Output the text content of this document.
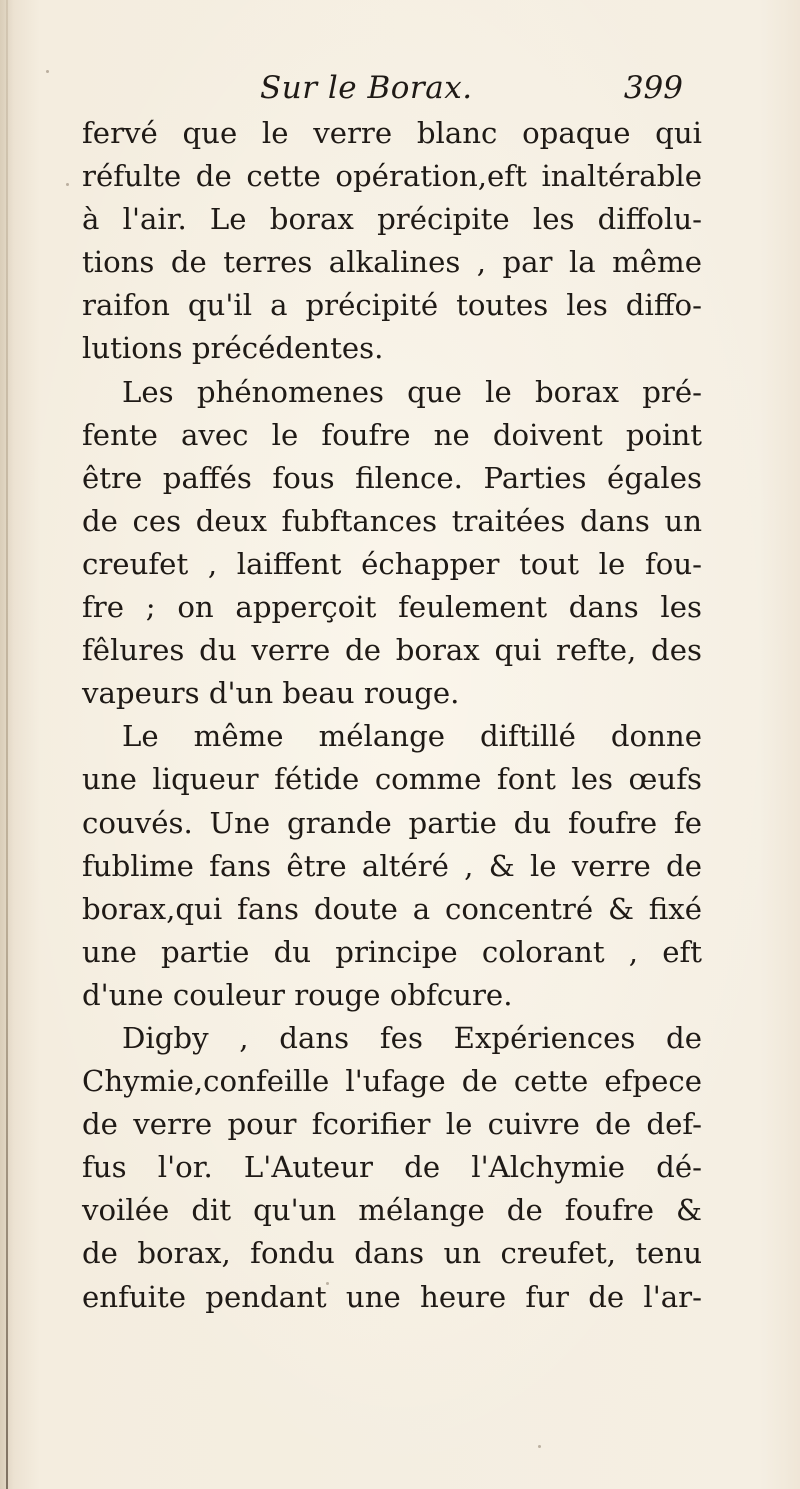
Sur le Borax.	399
fervé que le verre blanc opaque qui
réfulte de cette opération,eft inaltérable
à l'air. Le borax précipite les diffolu-
tions de terres alkalines , par la même
raifon qu'il a précipité toutes les diffo-
lutions précédentes.
Les phénomenes que le borax pré-
fente avec le foufre ne doivent point
être paffés fous filence. Parties égales
de ces deux fubftances traitées dans un
creufet , laiffent échapper tout le fou-
fre ; on apperçoit feulement dans les
fêlures du verre de borax qui refte, des
vapeurs d'un beau rouge.
Le même mélange diftillé donne
une liqueur fétide comme font les œufs
couvés. Une grande partie du foufre fe
fublime fans être altéré , & le verre de
borax,qui fans doute a concentré & fixé
une partie du principe colorant , eft
d'une couleur rouge obfcure.
Digby , dans fes Expériences de
Chymie,confeille l'ufage de cette efpece
de verre pour fcorifier le cuivre de def-
fus l'or. L'Auteur de l'Alchymie dé-
voilée dit qu'un mélange de foufre &
de borax, fondu dans un creufet, tenu
enfuite pendant une heure fur de l'ar-
